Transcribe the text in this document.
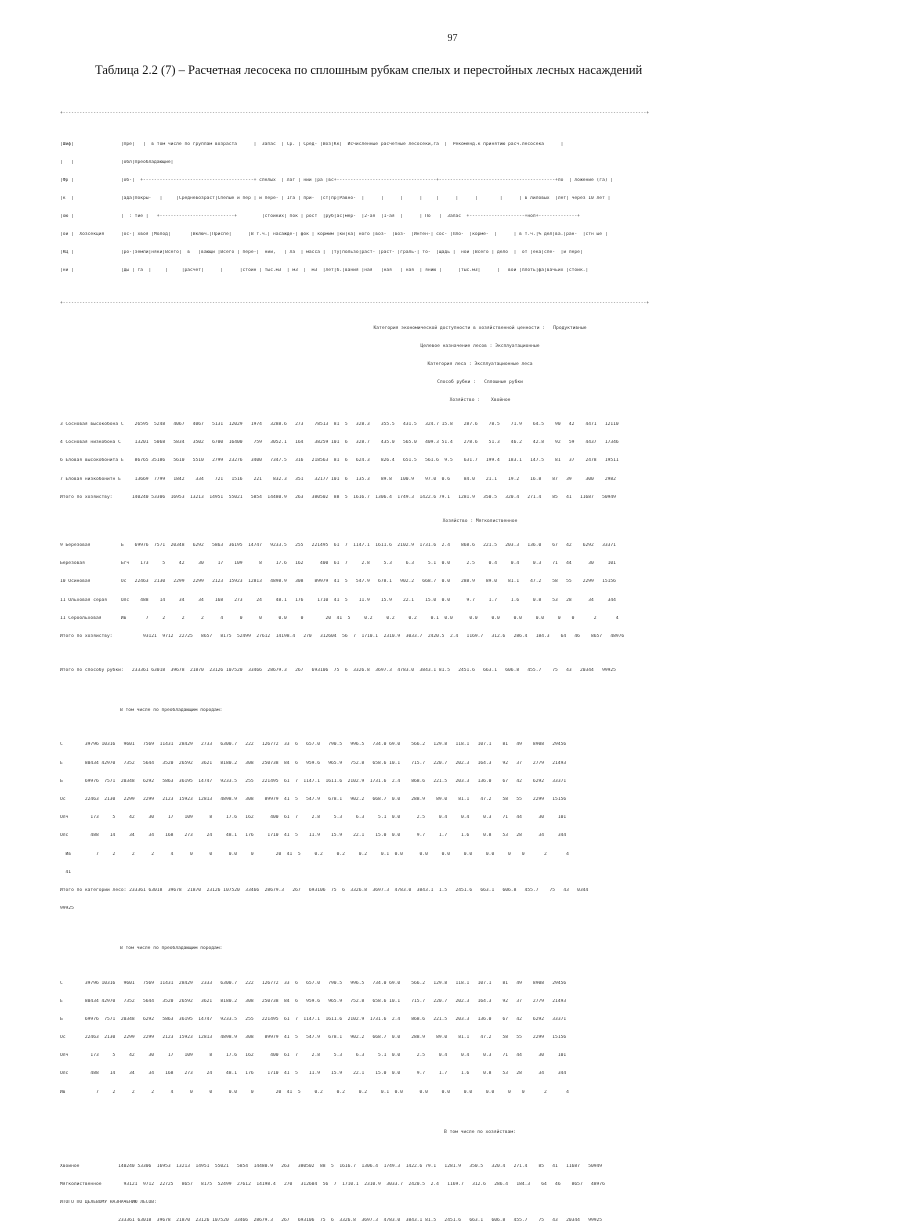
97
Таблица 2.2 (7) – Расчетная лесосека по сплошным рубкам спелых и перестойных лесных насаждений

+-------------------------------------------------------------------------------------------------------------------------------------------------------------------------------------------------------------------+

|Шиф|                 |Пре|   |  в том числе по группам возраста      |  Запас  | Ср. | Сред- |Воз|Кк|  Исчисленные расчетные лесосеки,га  |  Рекоменд.к принятию расч.лесосека      |

|   |                 |обл|Преобладающие|

|Фр |                 |об-|  +----------------------------------------+ спелых  | лаг | ний |ра |вс+------------------------------------+------------------------------------------+по  | ложение (га) |

|к  |                 |ада|Покры-   |     |Средневозраст|Спелые и пер | и пере- | 1га | при-  |ст|пр|Равно-  |      |      |      |     |      |      |        |      | в лиловых  |лет| через 10 лет |

|ою |                 |  : тие |   +---------------------------+         |стойких| пок | рост  |руб|ас|мер-  |2-ая  |1-ая  |      | По   |  Запас  +--------------------+ноп+--------------+

|ой |  Хозсекция      |ос-| хвоя |Молод|       |Включ.|Приспе|      |В т.ч.| насажде-| фок | кормим |ки|ка| ного |воз-  |воз-  |Интен-| сос- |Пло-  |корме-  |      | в т.ч.|% дел|ва.|ран-  |стн ые |

|КЦ |                 |ро-|земли|няки|Всего|  в   |вающи |Всего | пере-|  ний,   | ла  | масса |  |ту|пользо|раст- |раст- |граль-| то-  |щадь |  ной |Всего | дело  |  от |ека|спе-  |и пере|

|ни |                 |ды | га  |     |     |расчет|      |      |стойн | тыс.м3  | м3  |  м3  |лет|б.|вания |ная   |ная   | ная  | янию |      |тыс.м3|      |   вой |плоть|фа|вачьих |стойк.|

+-------------------------------------------------------------------------------------------------------------------------------------------------------------------------------------------------------------------+

Категория экономической доступности в хозяйственной ценности :   Продуктивные

Целевое назначение лесов : Эксплуатационные

Категория леса : Эксплуатационные леса

Способ рубки :   Сплошные рубки

Хозяйство :    Хвойное

3 Сосновая высокобона С    26595  5248   4067   4067   5131  12029   1974   3288.6   273    78513  81  5   328.3    355.5   431.5   324.7 15.8    287.6    78.5    71.9    64.5    90   42    4471   12110

4 Сосновая низкобона С     13201  5068   5834   3502   6700  16400    759   3052.1   164    38259 101  6   328.7    435.0   565.0   409.3 51.4    278.6    51.3    46.2    42.8    92   59    4437   17346

6 Еловая высокобонита Е    86765 35186   5610   5510   2799  23276   3400   7347.5   316   218563  81  6   624.3    826.4   651.5   561.6  9.5    631.7   199.4   183.1   147.5    81   37    2478   19511

7 Еловая низкобонитн Е     13669  7799   1842    334    721   1516    221    832.3   351    32177 101  6   135.3    89.8   100.9    97.0  0.6     84.0    21.1    19.2    16.8    87   39     300    2982

Итого по хозяйству:       140240 53306  16953  13213  14951  55021   5854  14480.9   263   380502  88  5  1616.7  1306.4  1749.3  1422.6 79.1   1281.9   350.5   320.4   271.4    85   41   11687   50949

Хозяйство : Мягколиственное

9 Березовая           Б    69976  7571  20348   6292   5863  36195  14747   9233.5   255   221495  61  7  1147.1  1611.6  2102.9  1731.6  2.4    868.6   221.5   203.3   136.0    67   42    6292   33371

Березовая             Бгч    173     5     42     30     17    109      8     17.6   162      400  61  7     2.8     5.3     6.3     5.1  0.0      2.5     0.4     0.4     0.3    71   44      30     101

10 Осиновая           Ос   22463  2130   2299   2299   2123  15923  12813   4898.9   308    89979  41  5   547.9   678.1   902.2   668.7  0.0    288.9    89.0    81.1    47.2    58   55    2299   15156

11 Ольховая серая     Олс    488    14     34     34    168    273     24     48.1   176     1710  41  5    11.9    15.9    22.1    15.0  0.0      9.7     1.7     1.6     0.8    53   28      34     344

11 Сероольховая       Ив       7     2      2      2      4      0      0      0.0     0        20  41  5     0.2     0.2     0.2     0.1  0.0      0.0     0.0     0.0     0.0     0    0       2       4

Итого по хозяйству:           93121  9712  22725   8657   8175  52499  27612  14198.4   270   312604  56  7  1710.1  2310.9  3033.7  2420.5  2.4   1169.7   312.6   286.4   184.3    64   46    8657   48976

Итого по способу рубки:   233361 63018  39678  21870  23126 107520  33466  28679.3   267   693106  75  6  3326.8  3697.3  4783.0  3843.1 81.5   2451.6   663.1   606.8   455.7    75   43   20344   99925

В том числе по преобладающим породам:

С        39796 10316   9601   7569  11431  28429   2733   6300.7   222   126772  33  6   657.0   790.5   996.5   734.0 69.0    566.2   129.8   118.1   107.1    81   49    8908   29456

Е        80434 42970   7352   5644   3520  26592   3621   8180.2   308   250738  84  6   959.6   965.9   752.8   658.6 10.1    715.7   220.7   202.3   164.3    92   37    2779   21493

Б        69976  7571  20348   6292   5863  36195  14747   9233.5   255   221495  61  7  1147.1  1611.6  2102.9  1731.6  2.4    868.6   221.5   203.3   136.0    67   42    6292   33371

Ос       22463  2130   2299   2299   2123  15923  12813   4898.9   308    89979  41  5   547.9   678.1   902.2   668.7  0.0    288.9    89.0    81.1    47.2    58   55    2299   15156

Олч        173     5     42     30     17    109      8     17.6   162      400  61  7     2.8     5.3     6.3     5.1  0.0      2.5     0.4     0.4     0.3    71   44      30     101

Олс        488    14     34     34    168    273     24     48.1   176     1710  41  5    11.9    15.9    22.1    15.0  0.0      9.7     1.7     1.6     0.8    53   28      34     344

Ив         7     2      2      2      4      0      0      0.0     0        20  41  5     0.2     0.2     0.2     0.1  0.0      0.0     0.0     0.0     0.0     0    0       2       4

41

Итого по категории лесо: 233361 63018  39678  21870  23126 107520  33466  28679.3   267   693106  75  6  3326.8  3697.3  4783.0  3843.1  1.5   2451.6   663.1   606.8   455.7    75   43   0344

99925

В том числе по преобладающим породам:

С        39796 10316   9601   7569  11431  28429   2333   6300.7   222   126772  33  6   657.0   790.5   996.5   734.0 69.0    566.2   129.8   118.1   107.1    81   49    8908   29456

Е        80434 42970   7352   5644   3520  26592   3621   8180.2   308   250738  84  6   959.6   965.9   752.8   658.6 10.1    715.7   220.7   202.3   164.3    92   37    2779   21493

Б        69976  7571  20348   6292   5863  36195  14747   9233.5   255   221495  61  7  1147.1  1611.6  2102.9  1731.6  2.4    868.6   221.5   203.3   136.0    67   42    6292   33371

Ос       22463  2130   2299   2299   2123  15923  12813   4898.9   308    89979  41  5   547.9   678.1   902.2   668.7  0.0    288.9    89.0    81.1    47.2    58   55    2299   15156

Олч        173     5     42     30     17    109      8     17.6   162      400  61  7     2.8     5.3     6.3     5.1  0.0      2.5     0.4     0.4     0.3    71   44      30     101

Олс        488    14     34     34    168    273     24     48.1   176     1710  41  5    11.9    15.9    22.1    15.0  0.0      9.7     1.7     1.6     0.8    53   28      34     344

Ив           7     2      2      2      4      0      0      0.0     0        20  41  5     0.2     0.2     0.2     0.1  0.0      0.0     0.0     0.0     0.0     0    0       2       4

В том числе по хозяйствам:

Хвойное              140240 53306  16953  13213  14951  55021   5854  14480.9   263   380502  88  5  1616.7  1306.4  1749.3  1422.6 79.1   1281.9   350.5   320.4   271.4    85   41   11687   50949

Мягколиственное        93121  9712  22725   8657   8175  52499  27612  14198.4   270   312604  56  7  1710.1  2310.9  3033.7  2420.5  2.4   1169.7   312.6   286.4   184.3    64   46    8657   48976

ИТОГО ПО ЦЕЛЕВОМУ НАЗНАЧЕНИЮ ЛЕСОВ:

233361 63018  39678  21870  23126 107520  33466  28679.3   267   693106  75  6  3326.8  3697.3  4783.0  3843.1 81.5   2451.6   663.1   606.8   455.7    75   43   20344   99925
